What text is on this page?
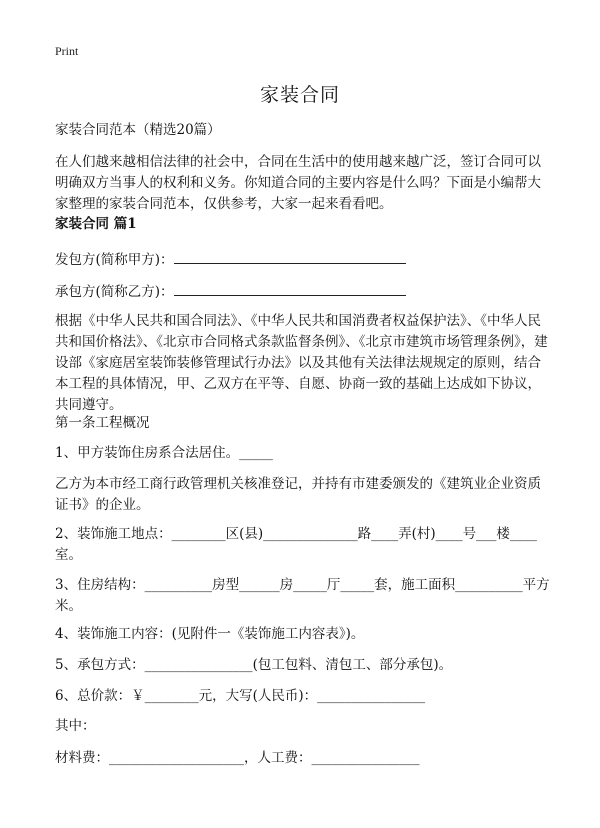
Print
家装合同

家装合同范本（精选20篇）

在人们越来越相信法律的社会中，合同在生活中的使用越来越广泛，签订合同可以明确双方当事人的权利和义务。你知道合同的主要内容是什么吗？下面是小编帮大家整理的家装合同范本，仅供参考，大家一起来看看吧。

家装合同 篇1

发包方(简称甲方)：

承包方(简称乙方)：

根据《中华人民共和国合同法》、《中华人民共和国消费者权益保护法》、《中华人民共和国价格法》、《北京市合同格式条款监督条例》、《北京市建筑市场管理条例》，建设部《家庭居室装饰装修管理试行办法》以及其他有关法律法规规定的原则，结合本工程的具体情况，甲、乙双方在平等、自愿、协商一致的基础上达成如下协议，共同遵守。

第一条工程概况

1、甲方装饰住房系合法居住。_____

乙方为本市经工商行政管理机关核准登记，并持有市建委颁发的《建筑业企业资质证书》的企业。

2、装饰施工地点：________区(县)______________路____弄(村)____号___楼____室。

3、住房结构：__________房型______房_____厅_____套，施工面积__________平方米。

4、装饰施工内容：(见附件一《装饰施工内容表》)。

5、承包方式：________________(包工包料、清包工、部分承包)。

6、总价款：￥________元，大写(人民币)：________________

其中：

材料费：____________________，人工费：________________
